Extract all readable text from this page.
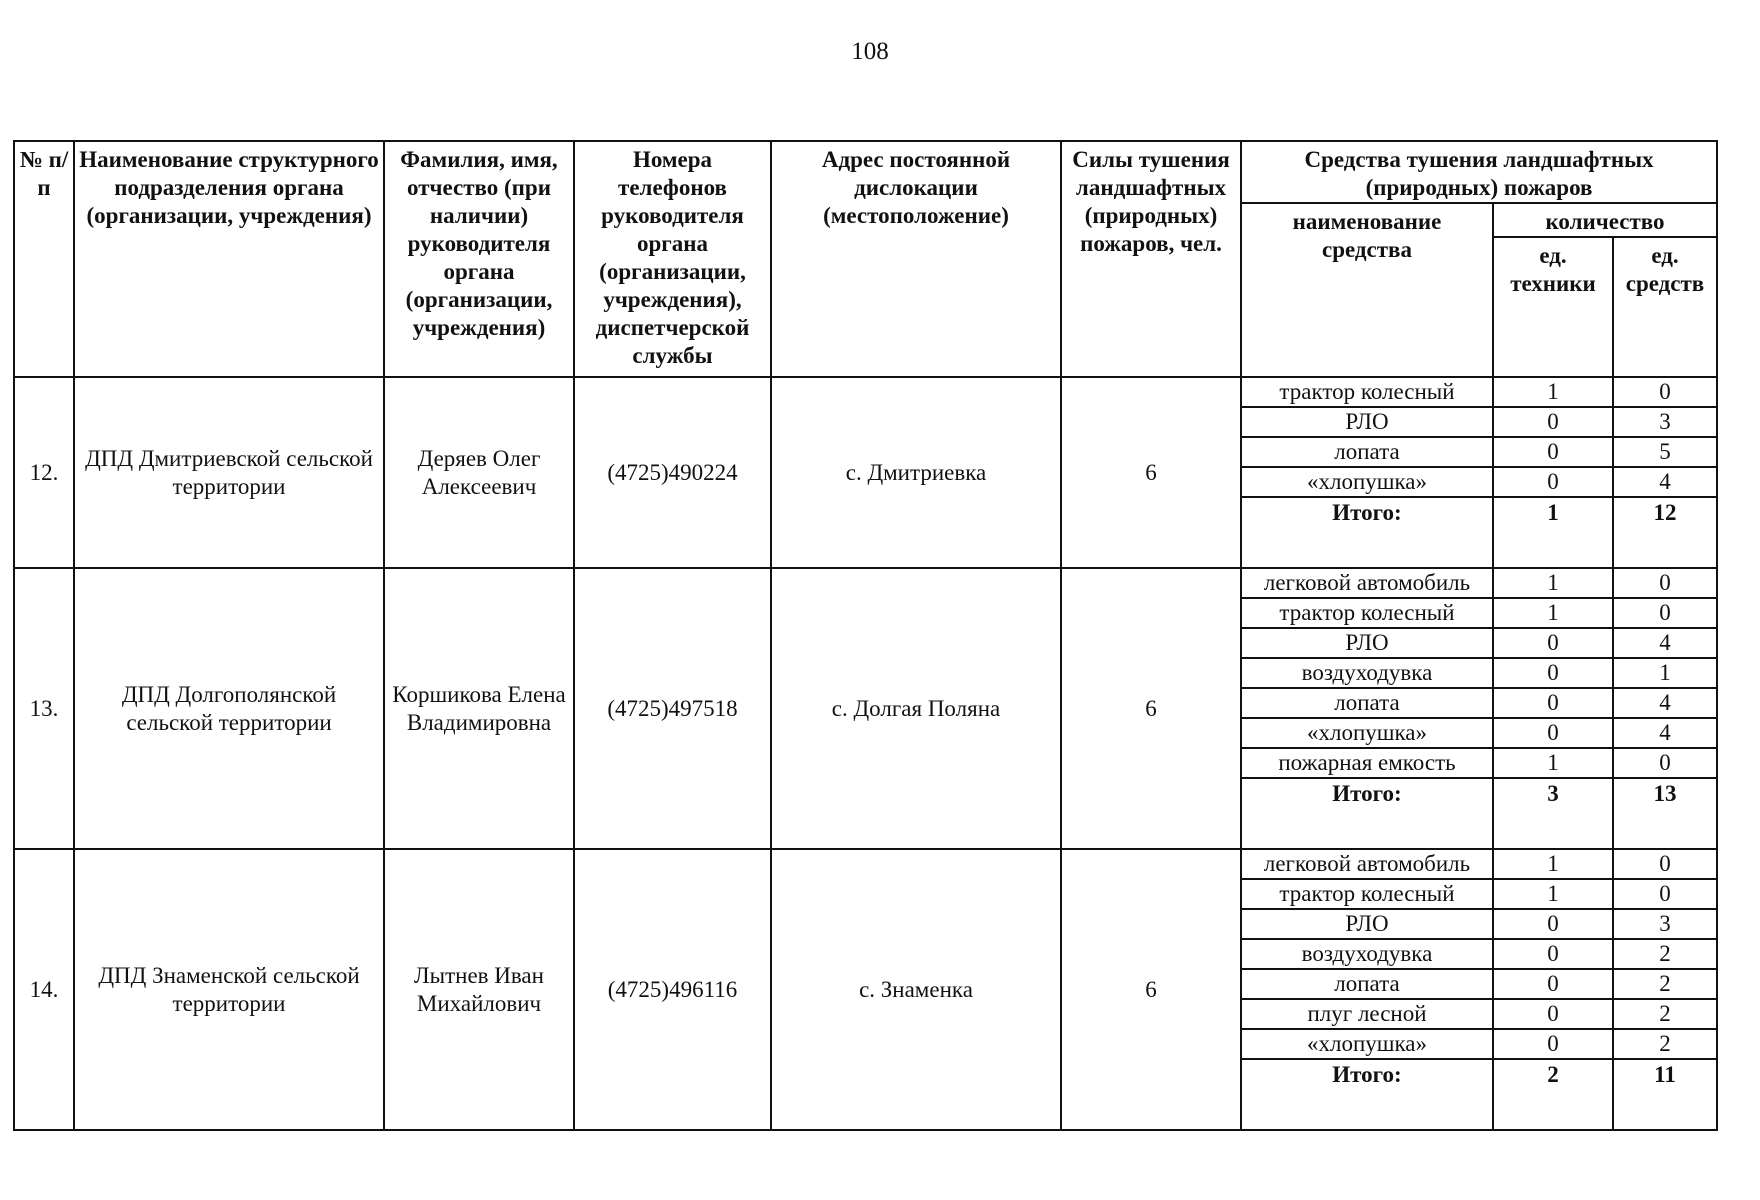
108
№ п/п	Наименование структурного подразделения органа (организации, учреждения)	Фамилия, имя, отчество (при наличии) руководителя органа (организации, учреждения)	Номера телефонов руководителя органа (организации, учреждения), диспетчерской службы	Адрес постоянной дислокации (местоположение)	Силы тушения ландшафтных (природных) пожаров, чел.	Средства тушения ландшафтных (природных) пожаров		
						наименование средства	количество	
							ед. техники	ед. средств
12.	ДПД Дмитриевской сельской территории	Деряев Олег Алексеевич	(4725)490224	с. Дмитриевка	6	трактор колесный	1	0
						РЛО	0	3
						лопата	0	5
						«хлопушка»	0	4
						Итого:	1	12
13.	ДПД Долгополянской сельской территории	Коршикова Елена Владимировна	(4725)497518	с. Долгая Поляна	6	легковой автомобиль	1	0
						трактор колесный	1	0
						РЛО	0	4
						воздуходувка	0	1
						лопата	0	4
						«хлопушка»	0	4
						пожарная емкость	1	0
						Итого:	3	13
14.	ДПД Знаменской сельской территории	Лытнев Иван Михайлович	(4725)496116	с. Знаменка	6	легковой автомобиль	1	0
						трактор колесный	1	0
						РЛО	0	3
						воздуходувка	0	2
						лопата	0	2
						плуг лесной	0	2
						«хлопушка»	0	2
						Итого:	2	11
